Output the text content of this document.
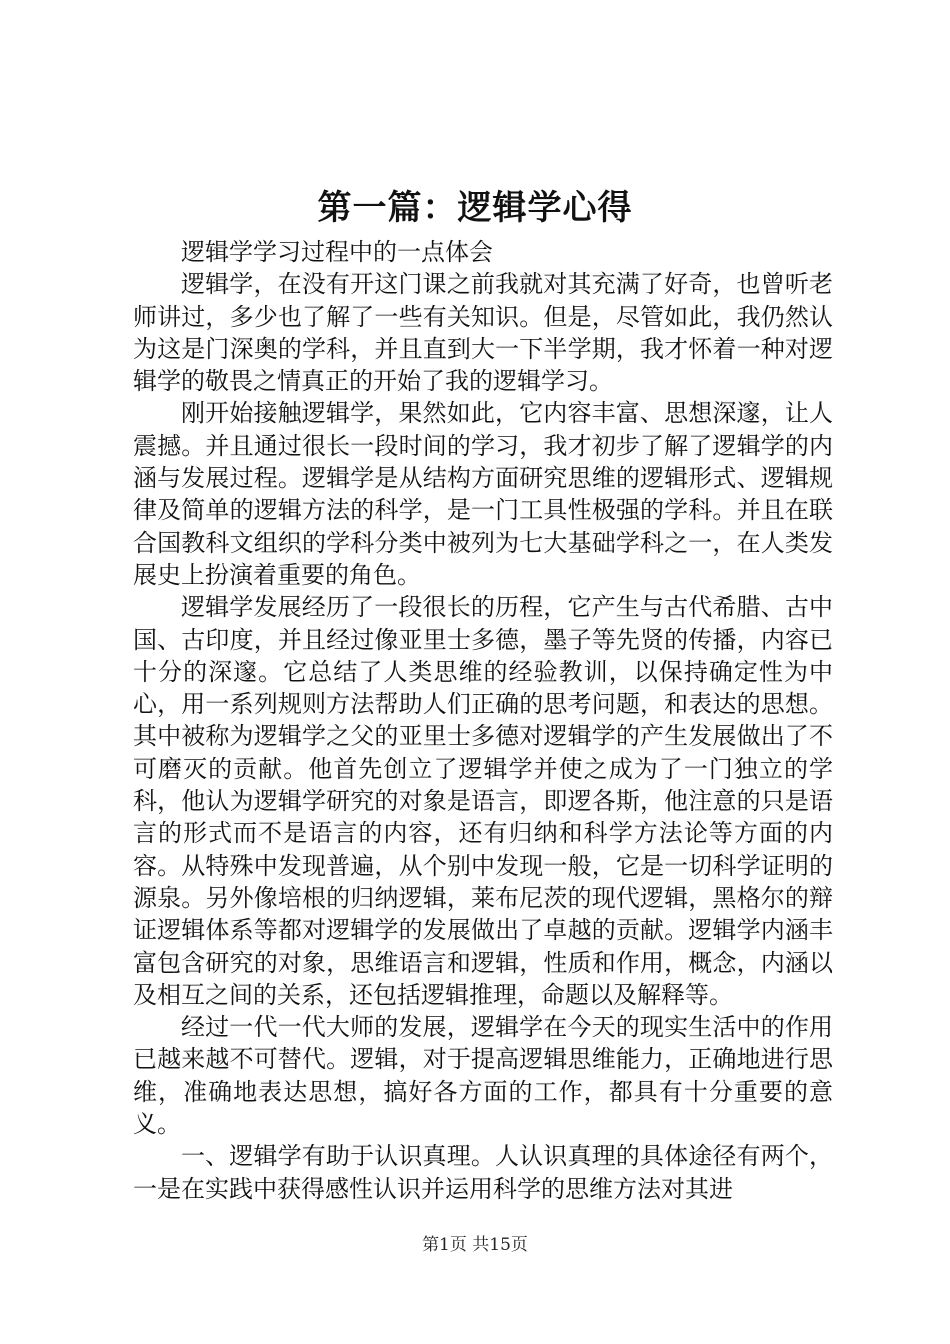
第一篇：逻辑学心得

逻辑学学习过程中的一点体会

逻辑学，在没有开这门课之前我就对其充满了好奇，也曾听老师讲过，多少也了解了一些有关知识。但是，尽管如此，我仍然认为这是门深奥的学科，并且直到大一下半学期，我才怀着一种对逻辑学的敬畏之情真正的开始了我的逻辑学习。

刚开始接触逻辑学，果然如此，它内容丰富、思想深邃，让人震撼。并且通过很长一段时间的学习，我才初步了解了逻辑学的内涵与发展过程。逻辑学是从结构方面研究思维的逻辑形式、逻辑规律及简单的逻辑方法的科学，是一门工具性极强的学科。并且在联合国教科文组织的学科分类中被列为七大基础学科之一，在人类发展史上扮演着重要的角色。

逻辑学发展经历了一段很长的历程，它产生与古代希腊、古中国、古印度，并且经过像亚里士多德，墨子等先贤的传播，内容已十分的深邃。它总结了人类思维的经验教训，以保持确定性为中心，用一系列规则方法帮助人们正确的思考问题，和表达的思想。其中被称为逻辑学之父的亚里士多德对逻辑学的产生发展做出了不可磨灭的贡献。他首先创立了逻辑学并使之成为了一门独立的学科，他认为逻辑学研究的对象是语言，即逻各斯，他注意的只是语言的形式而不是语言的内容，还有归纳和科学方法论等方面的内容。从特殊中发现普遍，从个别中发现一般，它是一切科学证明的源泉。另外像培根的归纳逻辑，莱布尼茨的现代逻辑，黑格尔的辩证逻辑体系等都对逻辑学的发展做出了卓越的贡献。逻辑学内涵丰富包含研究的对象，思维语言和逻辑，性质和作用，概念，内涵以及相互之间的关系，还包括逻辑推理，命题以及解释等。

经过一代一代大师的发展，逻辑学在今天的现实生活中的作用已越来越不可替代。逻辑，对于提高逻辑思维能力，正确地进行思维，准确地表达思想，搞好各方面的工作，都具有十分重要的意义。

一、逻辑学有助于认识真理。人认识真理的具体途径有两个，一是在实践中获得感性认识并运用科学的思维方法对其进

第1页 共15页
